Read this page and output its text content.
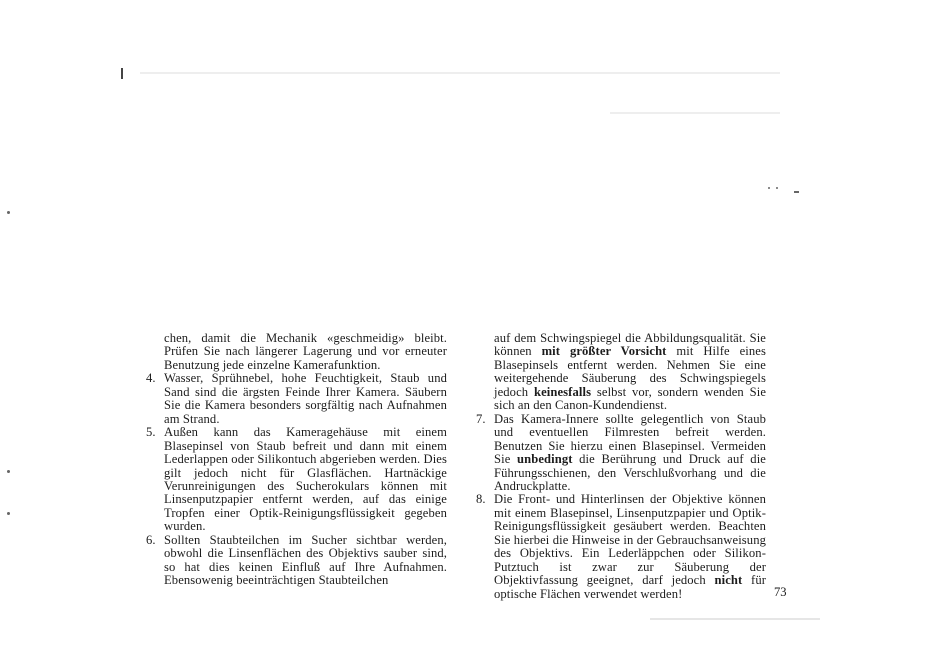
chen, damit die Mechanik «geschmeidig» bleibt. Prüfen Sie nach längerer Lagerung und vor erneuter Benutzung jede einzelne Kamerafunktion.
4. Wasser, Sprühnebel, hohe Feuchtigkeit, Staub und Sand sind die ärgsten Feinde Ihrer Kamera. Säubern Sie die Kamera besonders sorgfältig nach Aufnahmen am Strand.
5. Außen kann das Kameragehäuse mit einem Blasepinsel von Staub befreit und dann mit einem Lederlappen oder Silikontuch abgerieben werden. Dies gilt jedoch nicht für Glasflächen. Hartnäckige Verunreinigungen des Sucherokulars können mit Linsenputzpapier entfernt werden, auf das einige Tropfen einer Optik-Reinigungsflüssigkeit gegeben wurden.
6. Sollten Staubteilchen im Sucher sichtbar werden, obwohl die Linsenflächen des Objektivs sauber sind, so hat dies keinen Einfluß auf Ihre Aufnahmen. Ebensowenig beeinträchtigen Staubteilchen
auf dem Schwingspiegel die Abbildungsqualität. Sie können mit größter Vorsicht mit Hilfe eines Blasepinsels entfernt werden. Nehmen Sie eine weitergehende Säuberung des Schwingspiegels jedoch keinesfalls selbst vor, sondern wenden Sie sich an den Canon-Kundendienst.
7. Das Kamera-Innere sollte gelegentlich von Staub und eventuellen Filmresten befreit werden. Benutzen Sie hierzu einen Blasepinsel. Vermeiden Sie unbedingt die Berührung und Druck auf die Führungsschienen, den Verschlußvorhang und die Andruckplatte.
8. Die Front- und Hinterlinsen der Objektive können mit einem Blasepinsel, Linsenputzpapier und Optik-Reinigungsflüssigkeit gesäubert werden. Beachten Sie hierbei die Hinweise in der Gebrauchsanweisung des Objektivs. Ein Lederläppchen oder Silikon-Putztuch ist zwar zur Säuberung der Objektivfassung geeignet, darf jedoch nicht für optische Flächen verwendet werden!	73
